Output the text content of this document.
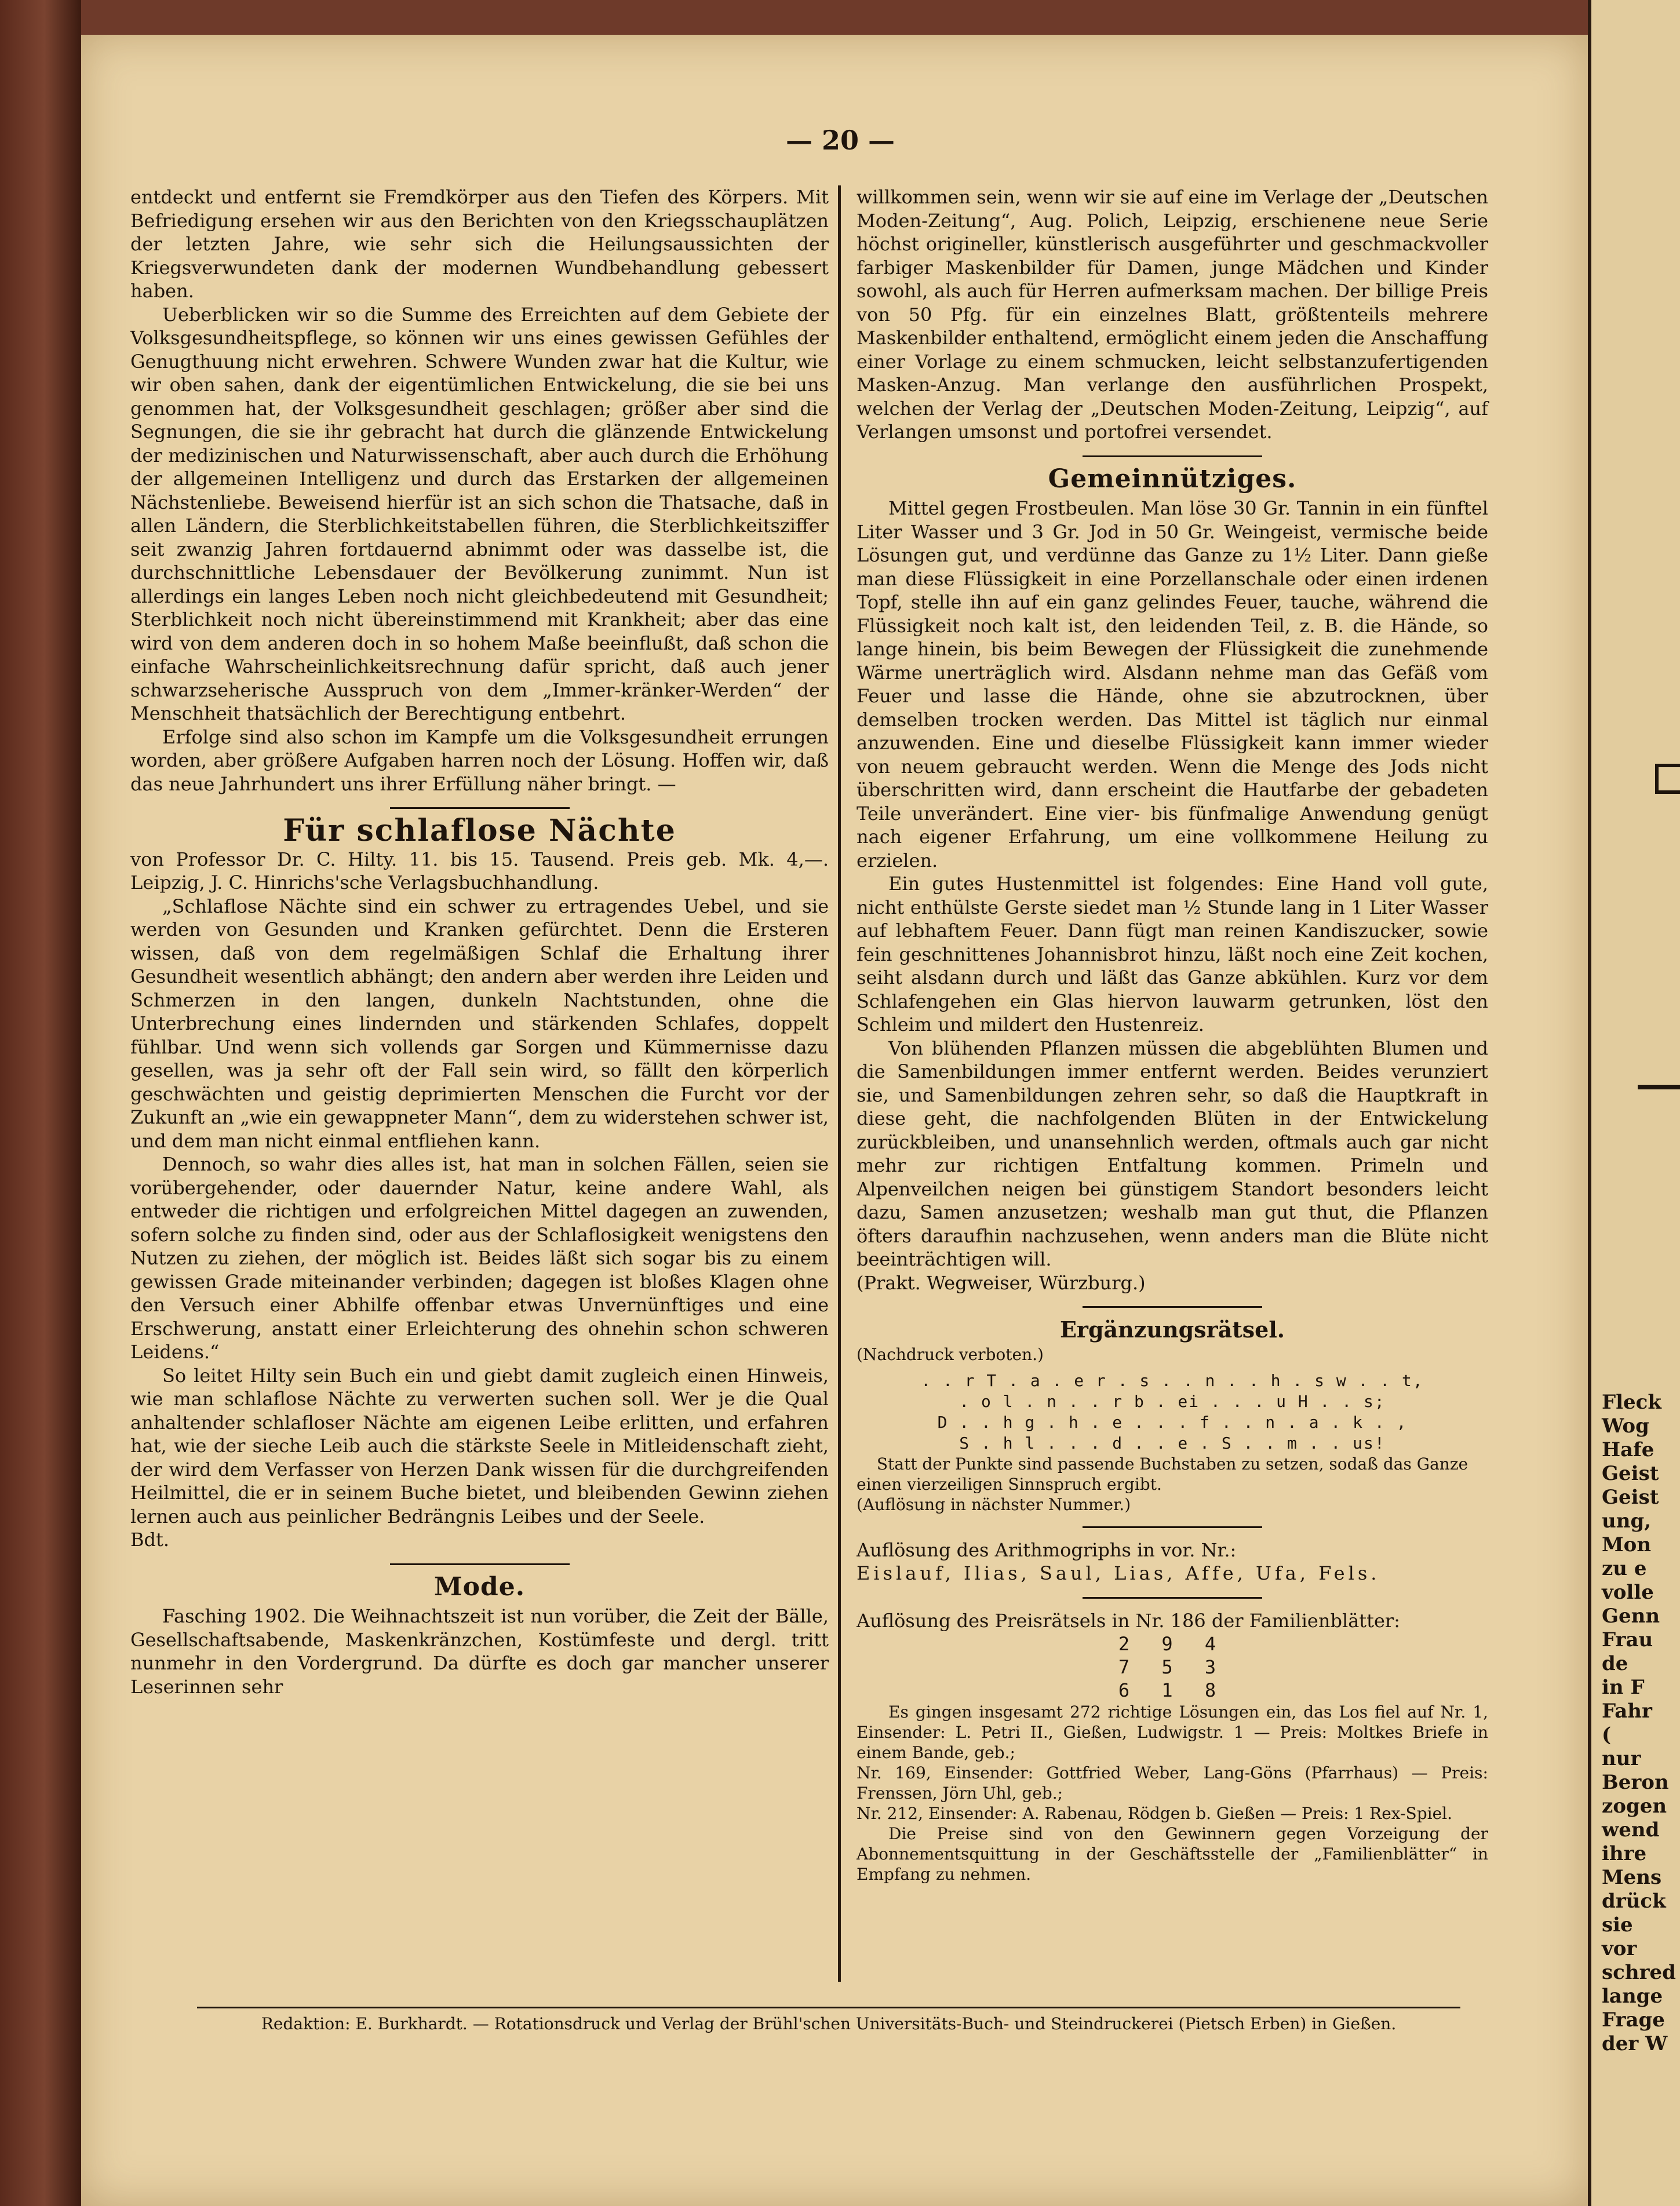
— 20 —

entdeckt und entfernt sie Fremdkörper aus den Tiefen des Körpers. Mit Befriedigung ersehen wir aus den Berichten von den Kriegsschauplätzen der letzten Jahre, wie sehr sich die Heilungsaussichten der Kriegsverwundeten dank der modernen Wundbehandlung gebessert haben.

Ueberblicken wir so die Summe des Erreichten auf dem Gebiete der Volksgesundheitspflege, so können wir uns eines gewissen Gefühles der Genugthuung nicht erwehren. Schwere Wunden zwar hat die Kultur, wie wir oben sahen, dank der eigentümlichen Entwickelung, die sie bei uns genommen hat, der Volksgesundheit geschlagen; größer aber sind die Segnungen, die sie ihr gebracht hat durch die glänzende Entwickelung der medizinischen und Naturwissenschaft, aber auch durch die Erhöhung der allgemeinen Intelligenz und durch das Erstarken der allgemeinen Nächstenliebe. Beweisend hierfür ist an sich schon die Thatsache, daß in allen Ländern, die Sterblichkeitstabellen führen, die Sterblichkeitsziffer seit zwanzig Jahren fortdauernd abnimmt oder was dasselbe ist, die durchschnittliche Lebensdauer der Bevölkerung zunimmt. Nun ist allerdings ein langes Leben noch nicht gleichbedeutend mit Gesundheit; Sterblichkeit noch nicht übereinstimmend mit Krankheit; aber das eine wird von dem anderen doch in so hohem Maße beeinflußt, daß schon die einfache Wahrscheinlichkeitsrechnung dafür spricht, daß auch jener schwarzseherische Ausspruch von dem „Immer-kränker-Werden“ der Menschheit thatsächlich der Berechtigung entbehrt.

Erfolge sind also schon im Kampfe um die Volksgesundheit errungen worden, aber größere Aufgaben harren noch der Lösung. Hoffen wir, daß das neue Jahrhundert uns ihrer Erfüllung näher bringt. —

Für schlaflose Nächte

von Professor Dr. C. Hilty. 11. bis 15. Tausend. Preis geb. Mk. 4,—. Leipzig, J. C. Hinrichs'sche Verlagsbuchhandlung.

„Schlaflose Nächte sind ein schwer zu ertragendes Uebel, und sie werden von Gesunden und Kranken gefürchtet. Denn die Ersteren wissen, daß von dem regelmäßigen Schlaf die Erhaltung ihrer Gesundheit wesentlich abhängt; den andern aber werden ihre Leiden und Schmerzen in den langen, dunkeln Nachtstunden, ohne die Unterbrechung eines lindernden und stärkenden Schlafes, doppelt fühlbar. Und wenn sich vollends gar Sorgen und Kümmernisse dazu gesellen, was ja sehr oft der Fall sein wird, so fällt den körperlich geschwächten und geistig deprimierten Menschen die Furcht vor der Zukunft an „wie ein gewappneter Mann“, dem zu widerstehen schwer ist, und dem man nicht einmal entfliehen kann.

Dennoch, so wahr dies alles ist, hat man in solchen Fällen, seien sie vorübergehender, oder dauernder Natur, keine andere Wahl, als entweder die richtigen und erfolgreichen Mittel dagegen an zuwenden, sofern solche zu finden sind, oder aus der Schlaflosigkeit wenigstens den Nutzen zu ziehen, der möglich ist. Beides läßt sich sogar bis zu einem gewissen Grade miteinander verbinden; dagegen ist bloßes Klagen ohne den Versuch einer Abhilfe offenbar etwas Unvernünftiges und eine Erschwerung, anstatt einer Erleichterung des ohnehin schon schweren Leidens.“

So leitet Hilty sein Buch ein und giebt damit zugleich einen Hinweis, wie man schlaflose Nächte zu verwerten suchen soll. Wer je die Qual anhaltender schlafloser Nächte am eigenen Leibe erlitten, und erfahren hat, wie der sieche Leib auch die stärkste Seele in Mitleidenschaft zieht, der wird dem Verfasser von Herzen Dank wissen für die durchgreifenden Heilmittel, die er in seinem Buche bietet, und bleibenden Gewinn ziehen lernen auch aus peinlicher Bedrängnis Leibes und der Seele.

Bdt.

Mode.

Fasching 1902. Die Weihnachtszeit ist nun vorüber, die Zeit der Bälle, Gesellschaftsabende, Maskenkränzchen, Kostümfeste und dergl. tritt nunmehr in den Vordergrund. Da dürfte es doch gar mancher unserer Leserinnen sehr

willkommen sein, wenn wir sie auf eine im Verlage der „Deutschen Moden-Zeitung“, Aug. Polich, Leipzig, erschienene neue Serie höchst origineller, künstlerisch ausgeführter und geschmackvoller farbiger Maskenbilder für Damen, junge Mädchen und Kinder sowohl, als auch für Herren aufmerksam machen. Der billige Preis von 50 Pfg. für ein einzelnes Blatt, größtenteils mehrere Maskenbilder enthaltend, ermöglicht einem jeden die Anschaffung einer Vorlage zu einem schmucken, leicht selbstanzufertigenden Masken-Anzug. Man verlange den ausführlichen Prospekt, welchen der Verlag der „Deutschen Moden-Zeitung, Leipzig“, auf Verlangen umsonst und portofrei versendet.

Gemeinnütziges.

Mittel gegen Frostbeulen. Man löse 30 Gr. Tannin in ein fünftel Liter Wasser und 3 Gr. Jod in 50 Gr. Weingeist, vermische beide Lösungen gut, und verdünne das Ganze zu 1½ Liter. Dann gieße man diese Flüssigkeit in eine Porzellanschale oder einen irdenen Topf, stelle ihn auf ein ganz gelindes Feuer, tauche, während die Flüssigkeit noch kalt ist, den leidenden Teil, z. B. die Hände, so lange hinein, bis beim Bewegen der Flüssigkeit die zunehmende Wärme unerträglich wird. Alsdann nehme man das Gefäß vom Feuer und lasse die Hände, ohne sie abzutrocknen, über demselben trocken werden. Das Mittel ist täglich nur einmal anzuwenden. Eine und dieselbe Flüssigkeit kann immer wieder von neuem gebraucht werden. Wenn die Menge des Jods nicht überschritten wird, dann erscheint die Hautfarbe der gebadeten Teile unverändert. Eine vier- bis fünfmalige Anwendung genügt nach eigener Erfahrung, um eine vollkommene Heilung zu erzielen.

Ein gutes Hustenmittel ist folgendes: Eine Hand voll gute, nicht enthülste Gerste siedet man ½ Stunde lang in 1 Liter Wasser auf lebhaftem Feuer. Dann fügt man reinen Kandiszucker, sowie fein geschnittenes Johannisbrot hinzu, läßt noch eine Zeit kochen, seiht alsdann durch und läßt das Ganze abkühlen. Kurz vor dem Schlafengehen ein Glas hiervon lauwarm getrunken, löst den Schleim und mildert den Hustenreiz.

Von blühenden Pflanzen müssen die abgeblühten Blumen und die Samenbildungen immer entfernt werden. Beides verunziert sie, und Samenbildungen zehren sehr, so daß die Hauptkraft in diese geht, die nachfolgenden Blüten in der Entwickelung zurückbleiben, und unansehnlich werden, oftmals auch gar nicht mehr zur richtigen Entfaltung kommen. Primeln und Alpenveilchen neigen bei günstigem Standort besonders leicht dazu, Samen anzusetzen; weshalb man gut thut, die Pflanzen öfters daraufhin nachzusehen, wenn anders man die Blüte nicht beeinträchtigen will.

(Prakt. Wegweiser, Würzburg.)

Ergänzungsrätsel.

(Nachdruck verboten.)

. . r T . a . e r . s . . n . . h . s w . . t,
. o l . n . . r b . ei . . . u H . . s;
D . . h g . h . e . . . f . . n . a . k . ,
S . h l . . . d . . e . S . . m . . us!

Statt der Punkte sind passende Buchstaben zu setzen, sodaß das Ganze einen vierzeiligen Sinnspruch ergibt.

(Auflösung in nächster Nummer.)

Auflösung des Arithmogriphs in vor. Nr.:

Eislauf, Ilias, Saul, Lias, Affe, Ufa, Fels.

Auflösung des Preisrätsels in Nr. 186 der Familienblätter:

2 9 4
7 5 3
6 1 8

Es gingen insgesamt 272 richtige Lösungen ein, das Los fiel auf Nr. 1, Einsender: L. Petri II., Gießen, Ludwigstr. 1 — Preis: Moltkes Briefe in einem Bande, geb.;

Nr. 169, Einsender: Gottfried Weber, Lang-Göns (Pfarrhaus) — Preis: Frenssen, Jörn Uhl, geb.;

Nr. 212, Einsender: A. Rabenau, Rödgen b. Gießen — Preis: 1 Rex-Spiel.

Die Preise sind von den Gewinnern gegen Vorzeigung der Abonnementsquittung in der Geschäftsstelle der „Familienblätter“ in Empfang zu nehmen.

Redaktion: E. Burkhardt. — Rotationsdruck und Verlag der Brühl'schen Universitäts-Buch- und Steindruckerei (Pietsch Erben) in Gießen.
Fleck
Wog
Hafe
Geist
Geist
ung,
Mon
zu e
volle
Genn
Frau
de
in F
Fahr
(
nur
Beron
zogen
wend
ihre
Mens
drück
sie
vor
schred
lange
Frage
der W
